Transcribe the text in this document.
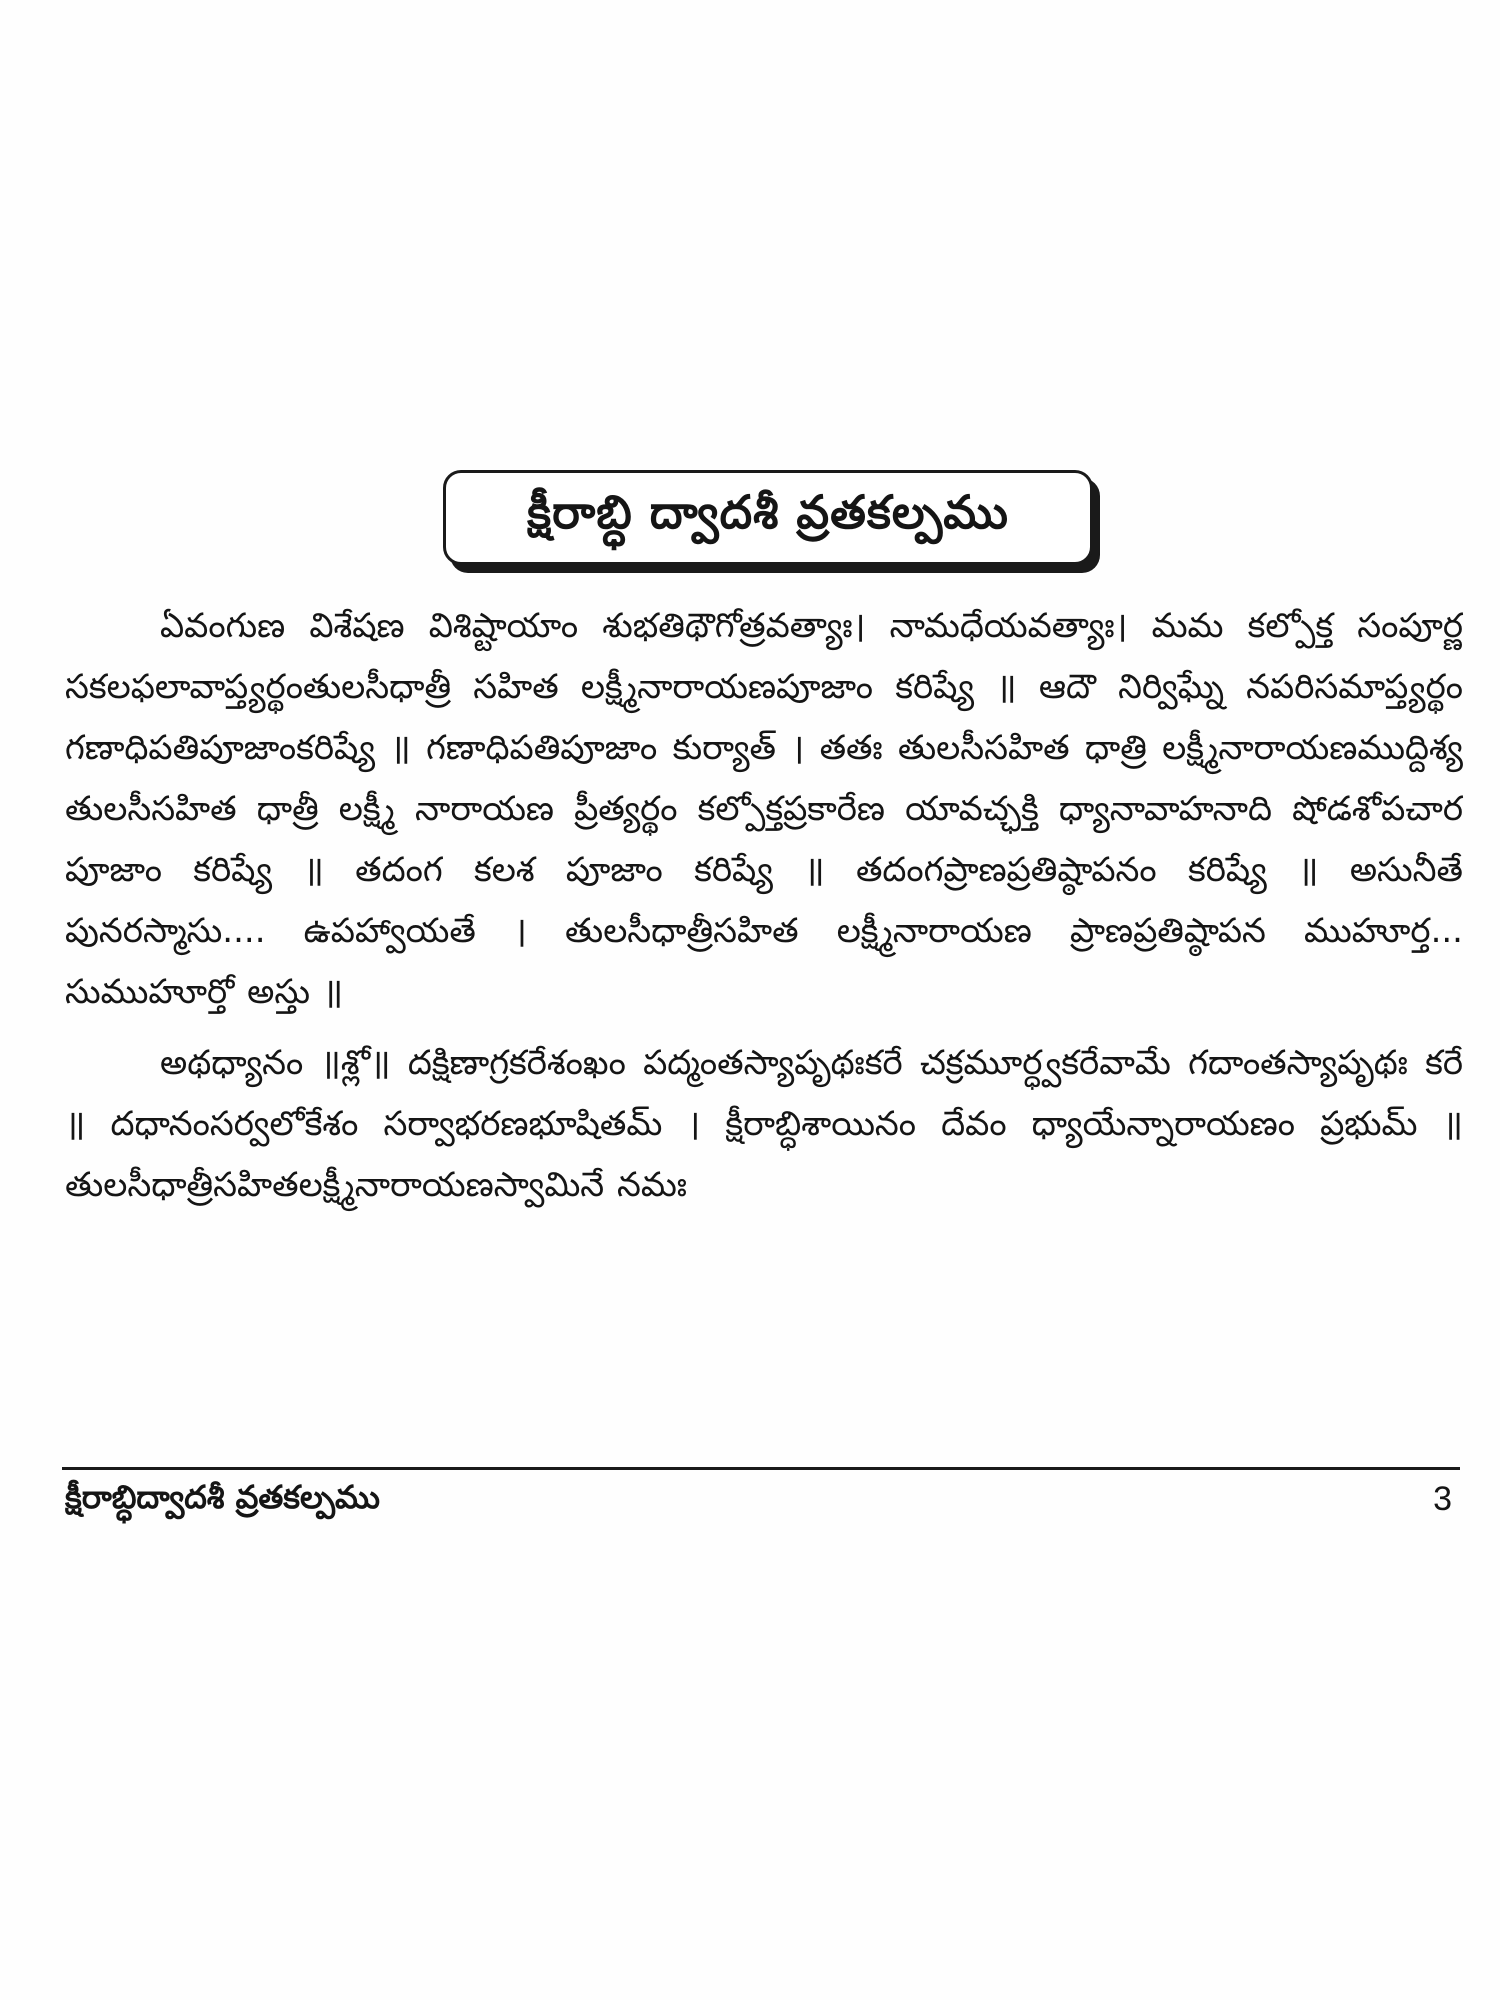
క్షీరాబ్ధి ద్వాదశీ వ్రతకల్పము

ఏవంగుణ విశేషణ విశిష్టాయాం శుభతిథౌగోత్రవత్యాః। నామధేయవత్యాః। మమ కల్పోక్త సంపూర్ణ సకలఫలావాప్త్యర్థంతులసీధాత్రీ సహిత లక్ష్మీనారాయణపూజాం కరిష్యే ॥ ఆదౌ నిర్విఘ్నే నపరిసమాప్త్యర్థం గణాధిపతిపూజాంకరిష్యే ॥ గణాధిపతిపూజాం కుర్యాత్ । తతః తులసీసహిత ధాత్రి లక్ష్మీనారాయణముద్దిశ్య తులసీసహిత ధాత్రీ లక్ష్మీ నారాయణ ప్రీత్యర్థం కల్పోక్తప్రకారేణ యావచ్ఛక్తి ధ్యానావాహనాది షోడశోపచార పూజాం కరిష్యే ॥ తదంగ కలశ పూజాం కరిష్యే ॥ తదంగప్రాణప్రతిష్ఠాపనం కరిష్యే ॥ అసునీతే పునరస్మాసు.... ఉపహ్వాయతే । తులసీధాత్రీసహిత లక్ష్మీనారాయణ ప్రాణప్రతిష్ఠాపన ముహూర్త... సుముహూర్తో అస్తు ॥

అథధ్యానం ॥శ్లో॥ దక్షిణాగ్రకరేశంఖం పద్మంతస్యాపృథఃకరే చక్రమూర్ధ్వకరేవామే గదాంతస్యాపృథః కరే ॥ దధానంసర్వలోకేశం సర్వాభరణభూషితమ్ । క్షీరాబ్ధిశాయినం దేవం ధ్యాయేన్నారాయణం ప్రభుమ్ ॥ తులసీధాత్రీసహితలక్ష్మీనారాయణస్వామినే నమః

క్షీరాబ్ధిద్వాదశీ వ్రతకల్పము	3
